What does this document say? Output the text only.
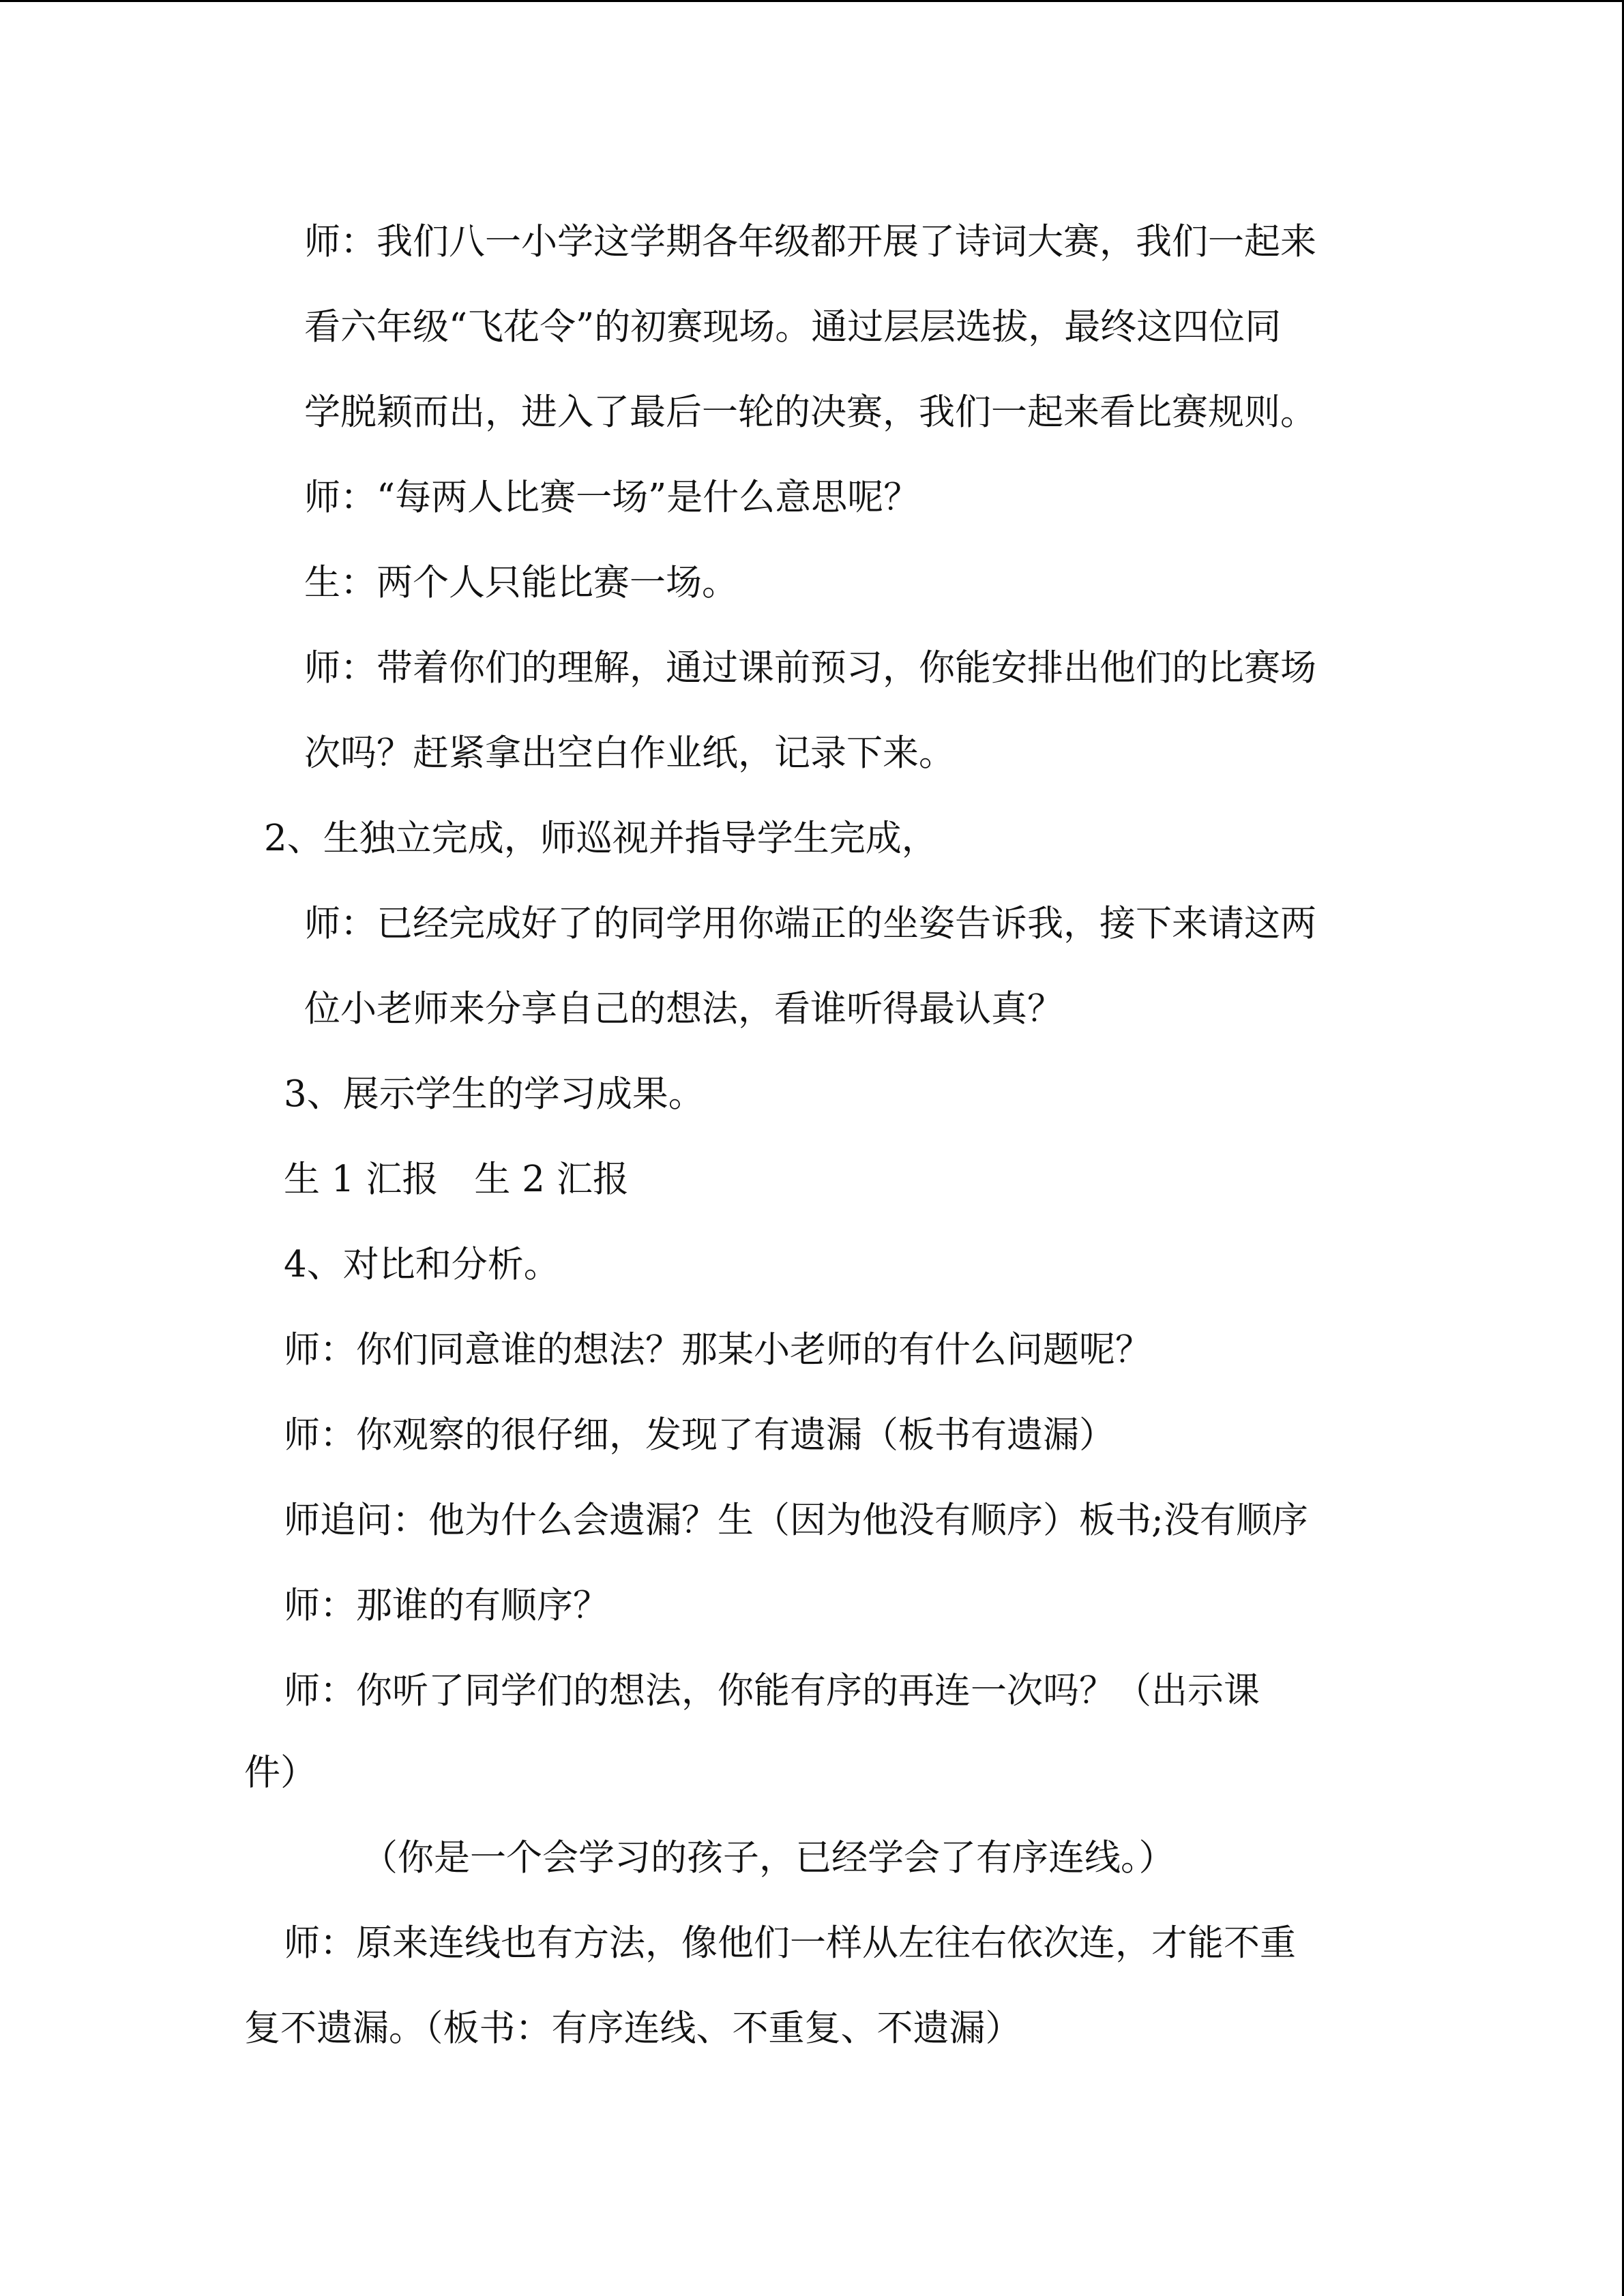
师：我们八一小学这学期各年级都开展了诗词大赛，我们一起来
看六年级“飞花令”的初赛现场。通过层层选拔，最终这四位同
学脱颖而出，进入了最后一轮的决赛，我们一起来看比赛规则。
师：“每两人比赛一场”是什么意思呢？
生：两个人只能比赛一场。
师：带着你们的理解，通过课前预习，你能安排出他们的比赛场
次吗？赶紧拿出空白作业纸，记录下来。
2、生独立完成，师巡视并指导学生完成，
师：已经完成好了的同学用你端正的坐姿告诉我，接下来请这两
位小老师来分享自己的想法，看谁听得最认真？
3、展示学生的学习成果。
生 1 汇报　生 2 汇报
4、对比和分析。
师：你们同意谁的想法？那某小老师的有什么问题呢？
师：你观察的很仔细，发现了有遗漏（板书有遗漏）
师追问：他为什么会遗漏？生（因为他没有顺序）板书;没有顺序
师：那谁的有顺序？
师：你听了同学们的想法，你能有序的再连一次吗？（出示课
件）
（你是一个会学习的孩子，已经学会了有序连线。）
师：原来连线也有方法，像他们一样从左往右依次连，才能不重
复不遗漏。（板书：有序连线、不重复、不遗漏）
